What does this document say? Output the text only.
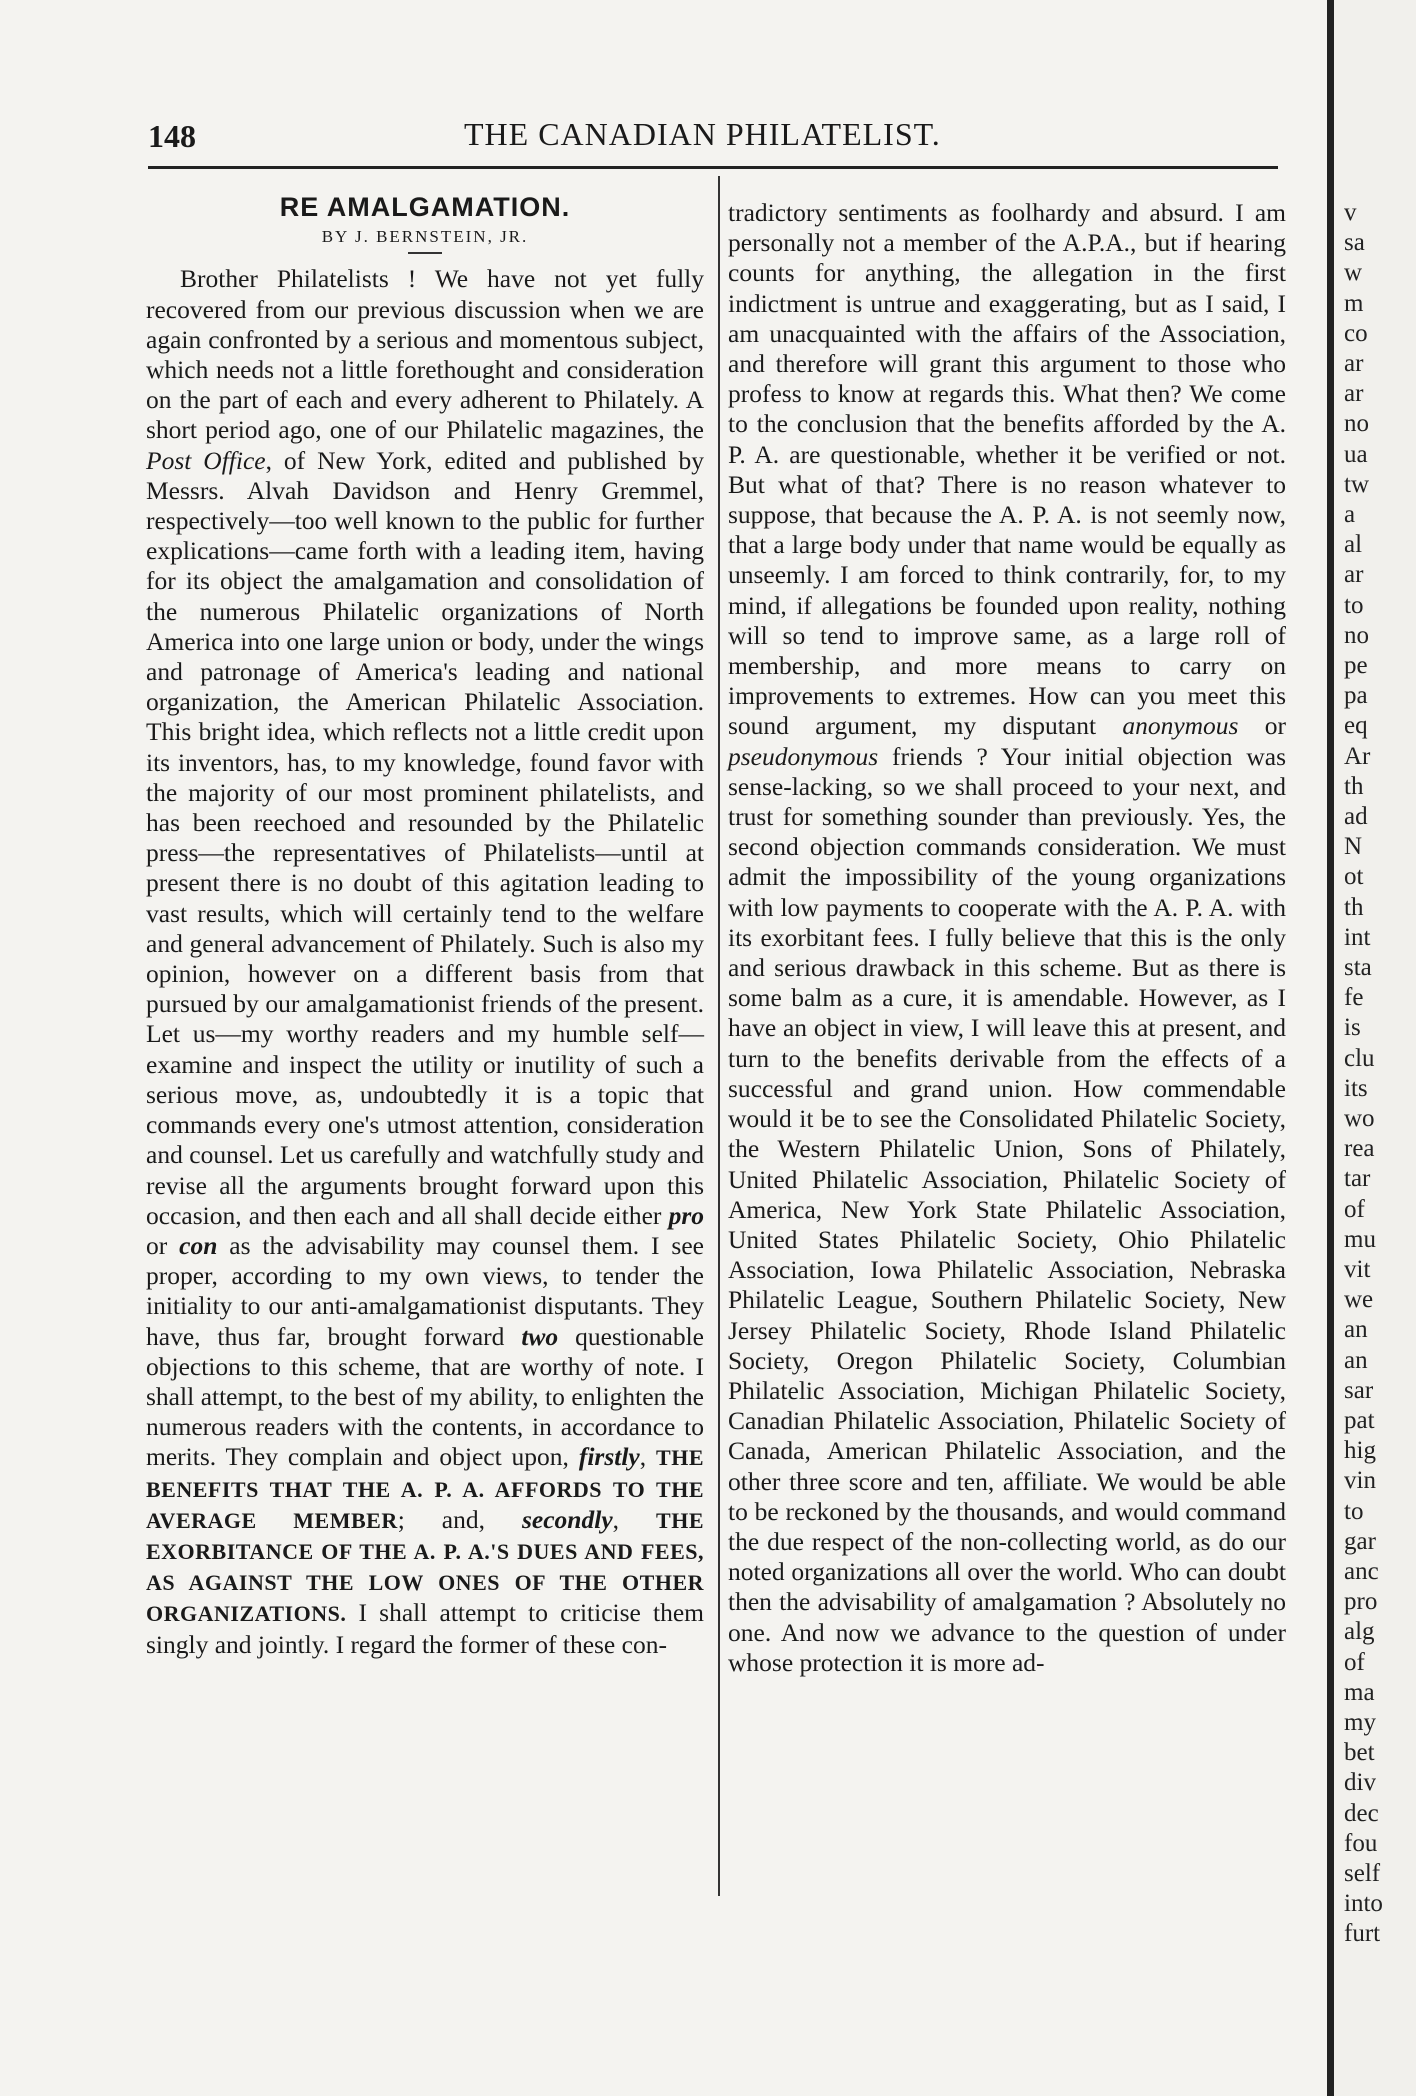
148	THE CANADIAN PHILATELIST.

RE AMALGAMATION.

BY J. BERNSTEIN, JR.

Brother Philatelists ! We have not yet fully recovered from our previous discussion when we are again confronted by a serious and momentous subject, which needs not a little forethought and consideration on the part of each and every adherent to Philately. A short period ago, one of our Philatelic magazines, the Post Office, of New York, edited and published by Messrs. Alvah Davidson and Henry Gremmel, respectively—too well known to the public for further explications—came forth with a leading item, having for its object the amalgamation and consolidation of the numerous Philatelic organizations of North America into one large union or body, under the wings and patronage of America's leading and national organization, the American Philatelic Association. This bright idea, which reflects not a little credit upon its inventors, has, to my knowledge, found favor with the majority of our most prominent philatelists, and has been reechoed and resounded by the Philatelic press—the representatives of Philatelists—until at present there is no doubt of this agitation leading to vast results, which will certainly tend to the welfare and general advancement of Philately. Such is also my opinion, however on a different basis from that pursued by our amalgamationist friends of the present. Let us—my worthy readers and my humble self—examine and inspect the utility or inutility of such a serious move, as, undoubtedly it is a topic that commands every one's utmost attention, consideration and counsel. Let us carefully and watchfully study and revise all the arguments brought forward upon this occasion, and then each and all shall decide either pro or con as the advisability may counsel them. I see proper, according to my own views, to tender the initiality to our anti-amalgamationist disputants. They have, thus far, brought forward two questionable objections to this scheme, that are worthy of note. I shall attempt, to the best of my ability, to enlighten the numerous readers with the contents, in accordance to merits. They complain and object upon, firstly, THE BENEFITS THAT THE A. P. A. AFFORDS TO THE AVERAGE MEMBER; and, secondly, THE EXORBITANCE OF THE A. P. A.'S DUES AND FEES, AS AGAINST THE LOW ONES OF THE OTHER ORGANIZATIONS. I shall attempt to criticise them singly and jointly. I regard the former of these con-

tradictory sentiments as foolhardy and absurd. I am personally not a member of the A.P.A., but if hearing counts for anything, the allegation in the first indictment is untrue and exaggerating, but as I said, I am unacquainted with the affairs of the Association, and therefore will grant this argument to those who profess to know at regards this. What then? We come to the conclusion that the benefits afforded by the A. P. A. are questionable, whether it be verified or not. But what of that? There is no reason whatever to suppose, that because the A. P. A. is not seemly now, that a large body under that name would be equally as unseemly. I am forced to think contrarily, for, to my mind, if allegations be founded upon reality, nothing will so tend to improve same, as a large roll of membership, and more means to carry on improvements to extremes. How can you meet this sound argument, my disputant anonymous or pseudonymous friends ? Your initial objection was sense-lacking, so we shall proceed to your next, and trust for something sounder than previously. Yes, the second objection commands consideration. We must admit the impossibility of the young organizations with low payments to cooperate with the A. P. A. with its exorbitant fees. I fully believe that this is the only and serious drawback in this scheme. But as there is some balm as a cure, it is amendable. However, as I have an object in view, I will leave this at present, and turn to the benefits derivable from the effects of a successful and grand union. How commendable would it be to see the Consolidated Philatelic Society, the Western Philatelic Union, Sons of Philately, United Philatelic Association, Philatelic Society of America, New York State Philatelic Association, United States Philatelic Society, Ohio Philatelic Association, Iowa Philatelic Association, Nebraska Philatelic League, Southern Philatelic Society, New Jersey Philatelic Society, Rhode Island Philatelic Society, Oregon Philatelic Society, Columbian Philatelic Association, Michigan Philatelic Society, Canadian Philatelic Association, Philatelic Society of Canada, American Philatelic Association, and the other three score and ten, affiliate. We would be able to be reckoned by the thousands, and would command the due respect of the non-collecting world, as do our noted organizations all over the world. Who can doubt then the advisability of amalgamation ? Absolutely no one. And now we advance to the question of under whose protection it is more ad-

v
sa
w
m
co
ar
ar
no
ua
tw
a
al
ar
to
no
pe
pa
eq
Ar
th
ad
N
ot
th
int
sta
fe
is
clu
its
wo
rea
tar
of
mu
vit
we
an
an
sar
pat
hig
vin
to
gar
anc
pro
alg
of
ma
my
bet
div
dec
fou
self
into
furt
